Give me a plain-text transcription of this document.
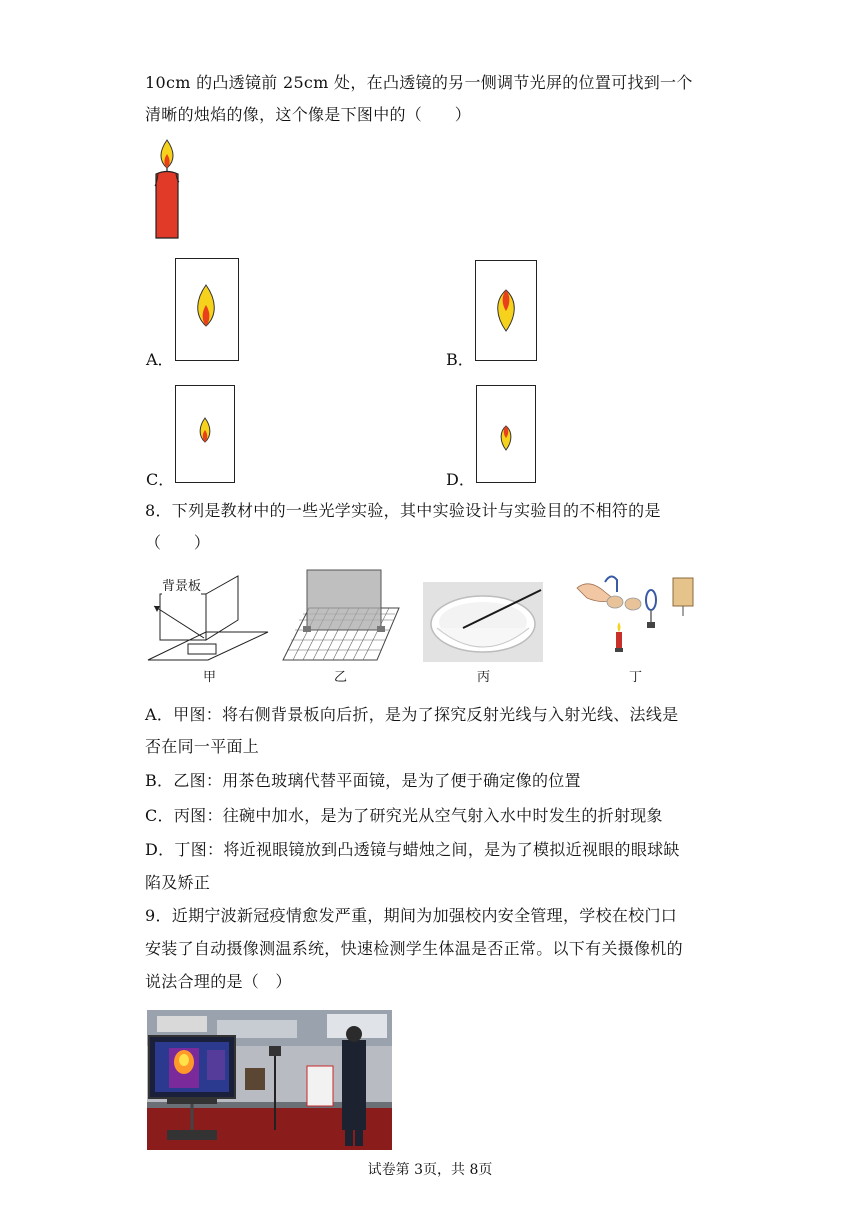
10cm 的凸透镜前 25cm 处，在凸透镜的另一侧调节光屏的位置可找到一个
清晰的烛焰的像，这个像是下图中的（　　）
A．	B．
C．	D．
8．下列是教材中的一些光学实验，其中实验设计与实验目的不相符的是
（　　）
背景板
甲	乙	丙	丁
A．甲图：将右侧背景板向后折，是为了探究反射光线与入射光线、法线是
否在同一平面上
B．乙图：用茶色玻璃代替平面镜，是为了便于确定像的位置
C．丙图：往碗中加水，是为了研究光从空气射入水中时发生的折射现象
D．丁图：将近视眼镜放到凸透镜与蜡烛之间，是为了模拟近视眼的眼球缺
陷及矫正
9．近期宁波新冠疫情愈发严重，期间为加强校内安全管理，学校在校门口
安装了自动摄像测温系统，快速检测学生体温是否正常。以下有关摄像机的
说法合理的是（　）
试卷第 3页，共 8页
